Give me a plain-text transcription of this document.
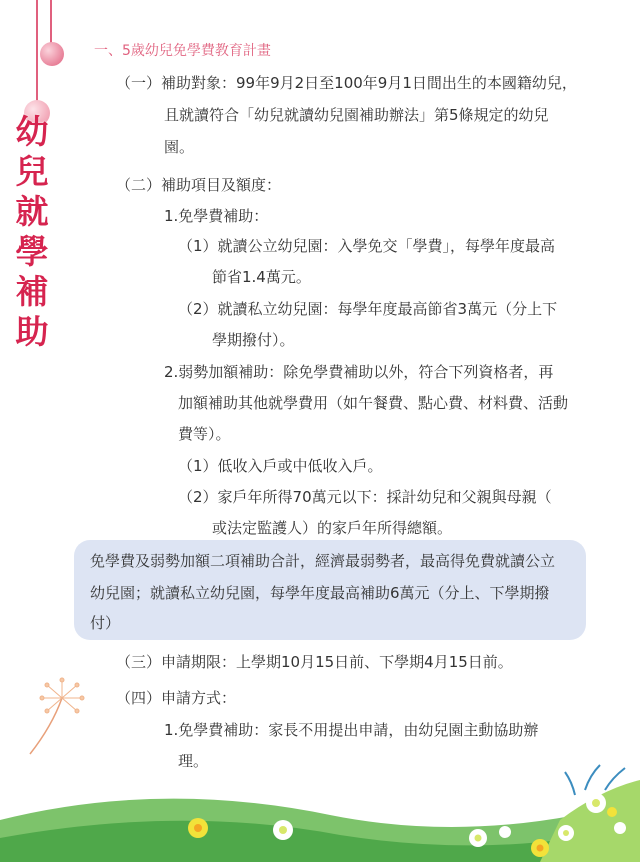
幼
兒
就
學
補
助
一、5歲幼兒免學費教育計畫
（一）補助對象：99年9月2日至100年9月1日間出生的本國籍幼兒，
且就讀符合「幼兒就讀幼兒園補助辦法」第5條規定的幼兒
園。
（二）補助項目及額度：
1.免學費補助：
（1）就讀公立幼兒園：入學免交「學費」，每學年度最高
節省1.4萬元。
（2）就讀私立幼兒園：每學年度最高節省3萬元（分上下
學期撥付）。
2.弱勢加額補助：除免學費補助以外，符合下列資格者，再
加額補助其他就學費用（如午餐費、點心費、材料費、活動
費等）。
（1）低收入戶或中低收入戶。
（2）家戶年所得70萬元以下：採計幼兒和父親與母親（
或法定監護人）的家戶年所得總額。
免學費及弱勢加額二項補助合計，經濟最弱勢者，最高得免費就讀公立
幼兒園；就讀私立幼兒園，每學年度最高補助6萬元（分上、下學期撥
付）
（三）申請期限：上學期10月15日前、下學期4月15日前。
（四）申請方式：
1.免學費補助：家長不用提出申請，由幼兒園主動協助辦
理。
